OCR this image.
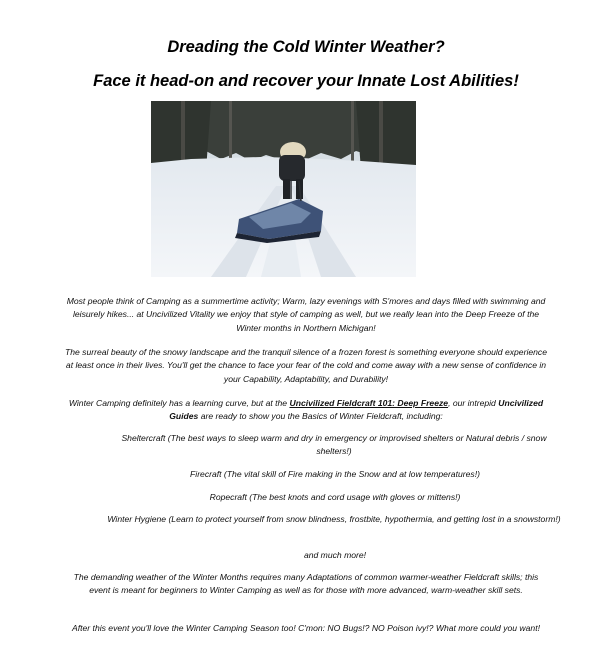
Dreading the Cold Winter Weather?
Face it head-on and recover your Innate Lost Abilities!

Most people think of Camping as a summertime activity; Warm, lazy evenings with S'mores and days filled with swimming and leisurely hikes... at Uncivilized Vitality we enjoy that style of camping as well, but we really lean into the Deep Freeze of the Winter months in Northern Michigan!

The surreal beauty of the snowy landscape and the tranquil silence of a frozen forest is something everyone should experience at least once in their lives. You'll get the chance to face your fear of the cold and come away with a new sense of confidence in your Capability, Adaptability, and Durability!

Winter Camping definitely has a learning curve, but at the Uncivilized Fieldcraft 101: Deep Freeze, our intrepid Uncivilized Guides are ready to show you the Basics of Winter Fieldcraft, including:

Sheltercraft (The best ways to sleep warm and dry in emergency or improvised shelters or Natural debris / snow shelters!)

Firecraft (The vital skill of Fire making in the Snow and at low temperatures!)

Ropecraft (The best knots and cord usage with gloves or mittens!)

Winter Hygiene (Learn to protect yourself from snow blindness, frostbite, hypothermia, and getting lost in a snowstorm!)

and much more!

The demanding weather of the Winter Months requires many Adaptations of common warmer-weather Fieldcraft skills; this event is meant for beginners to Winter Camping as well as for those with more advanced, warm-weather skill sets.

After this event you'll love the Winter Camping Season too! C'mon: NO Bugs!? NO Poison ivy!? What more could you want!
